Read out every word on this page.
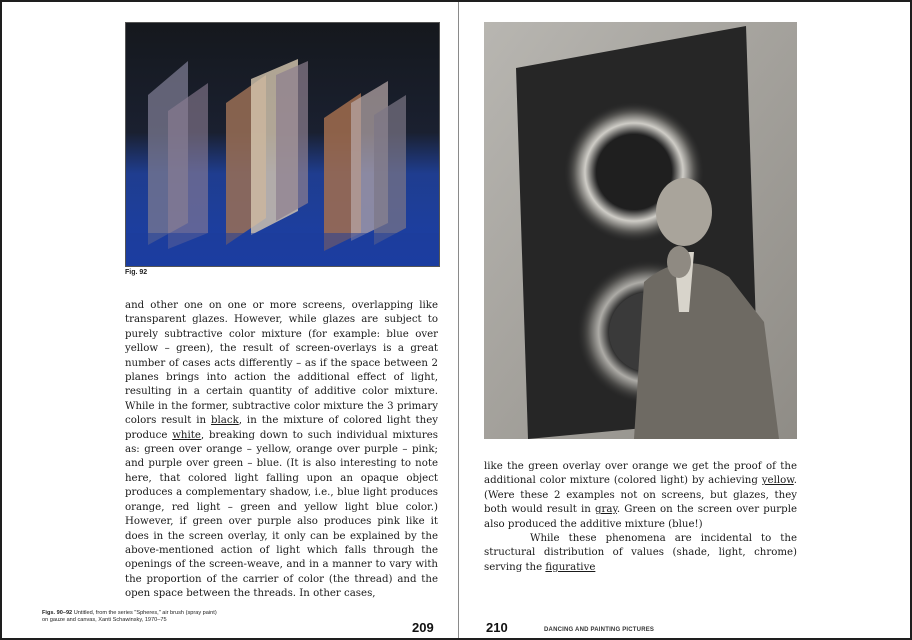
Fig. 92

and other one on one or more screens, overlapping like transparent glazes. However, while glazes are subject to purely subtractive color mixture (for example: blue over yellow – green), the result of screen-overlays is a great number of cases acts differently – as if the space between 2 planes brings into action the additional effect of light, resulting in a certain quantity of additive color mixture. While in the former, subtractive color mixture the 3 primary colors result in black, in the mixture of colored light they produce white, breaking down to such individual mixtures as: green over orange – yellow, orange over purple – pink; and purple over green – blue. (It is also interesting to note here, that colored light falling upon an opaque object produces a complementary shadow, i.e., blue light produces orange, red light – green and yellow light blue color.) However, if green over purple also produces pink like it does in the screen overlay, it only can be explained by the above-mentioned action of light which falls through the openings of the screen-weave, and in a manner to vary with the proportion of the carrier of color (the thread) and the open space between the threads. In other cases,

Figs. 90–92 Untitled, from the series "Spheres," air brush (spray paint) on gauze and canvas, Xanti Schawinsky, 1970–75	209

like the green overlay over orange we get the proof of the additional color mixture (colored light) by achieving yellow. (Were these 2 examples not on screens, but glazes, they both would result in gray. Green on the screen over purple also produced the additive mixture (blue!)

While these phenomena are incidental to the structural distribution of values (shade, light, chrome) serving the figurative

210	DANCING AND PAINTING PICTURES
